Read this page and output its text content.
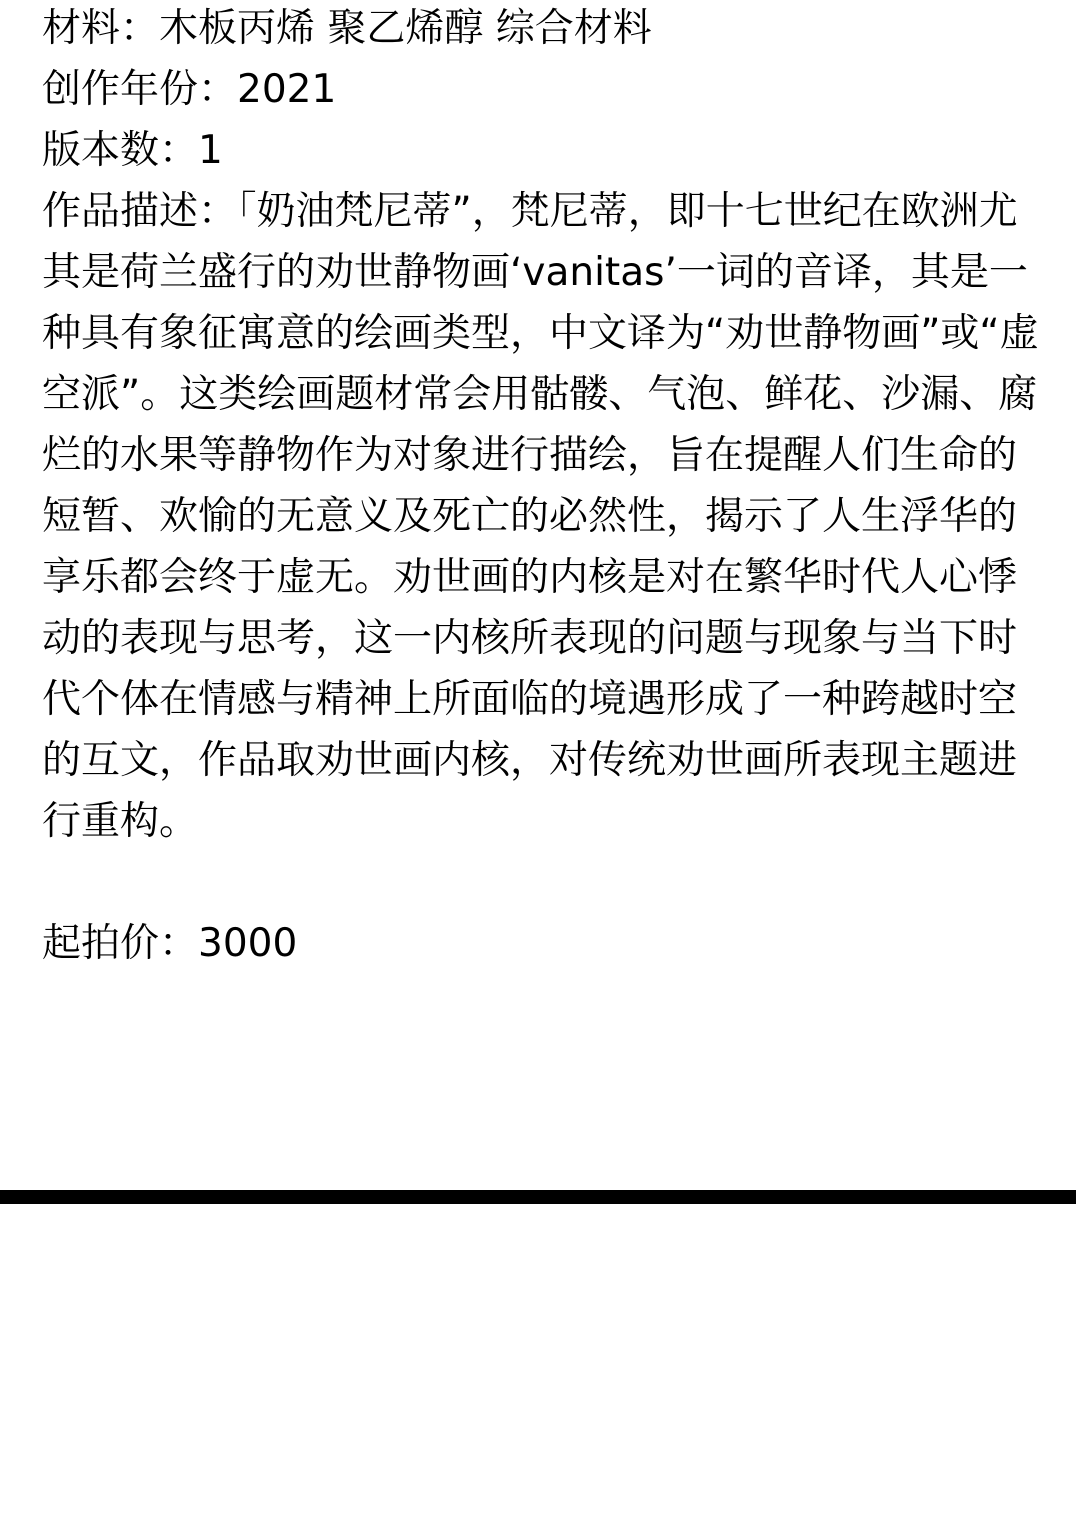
材料：木板丙烯 聚乙烯醇 综合材料
创作年份：2021
版本数：1
作品描述：「奶油梵尼蒂”，梵尼蒂，即十七世纪在欧洲尤其是荷兰盛行的劝世静物画‘vanitas’一词的音译，其是一种具有象征寓意的绘画类型，中文译为“劝世静物画”或“虚空派”。这类绘画题材常会用骷髅、气泡、鲜花、沙漏、腐烂的水果等静物作为对象进行描绘，旨在提醒人们生命的短暂、欢愉的无意义及死亡的必然性，揭示了人生浮华的享乐都会终于虚无。劝世画的内核是对在繁华时代人心悸动的表现与思考，这一内核所表现的问题与现象与当下时代个体在情感与精神上所面临的境遇形成了一种跨越时空的互文，作品取劝世画内核，对传统劝世画所表现主题进行重构。
起拍价：3000
